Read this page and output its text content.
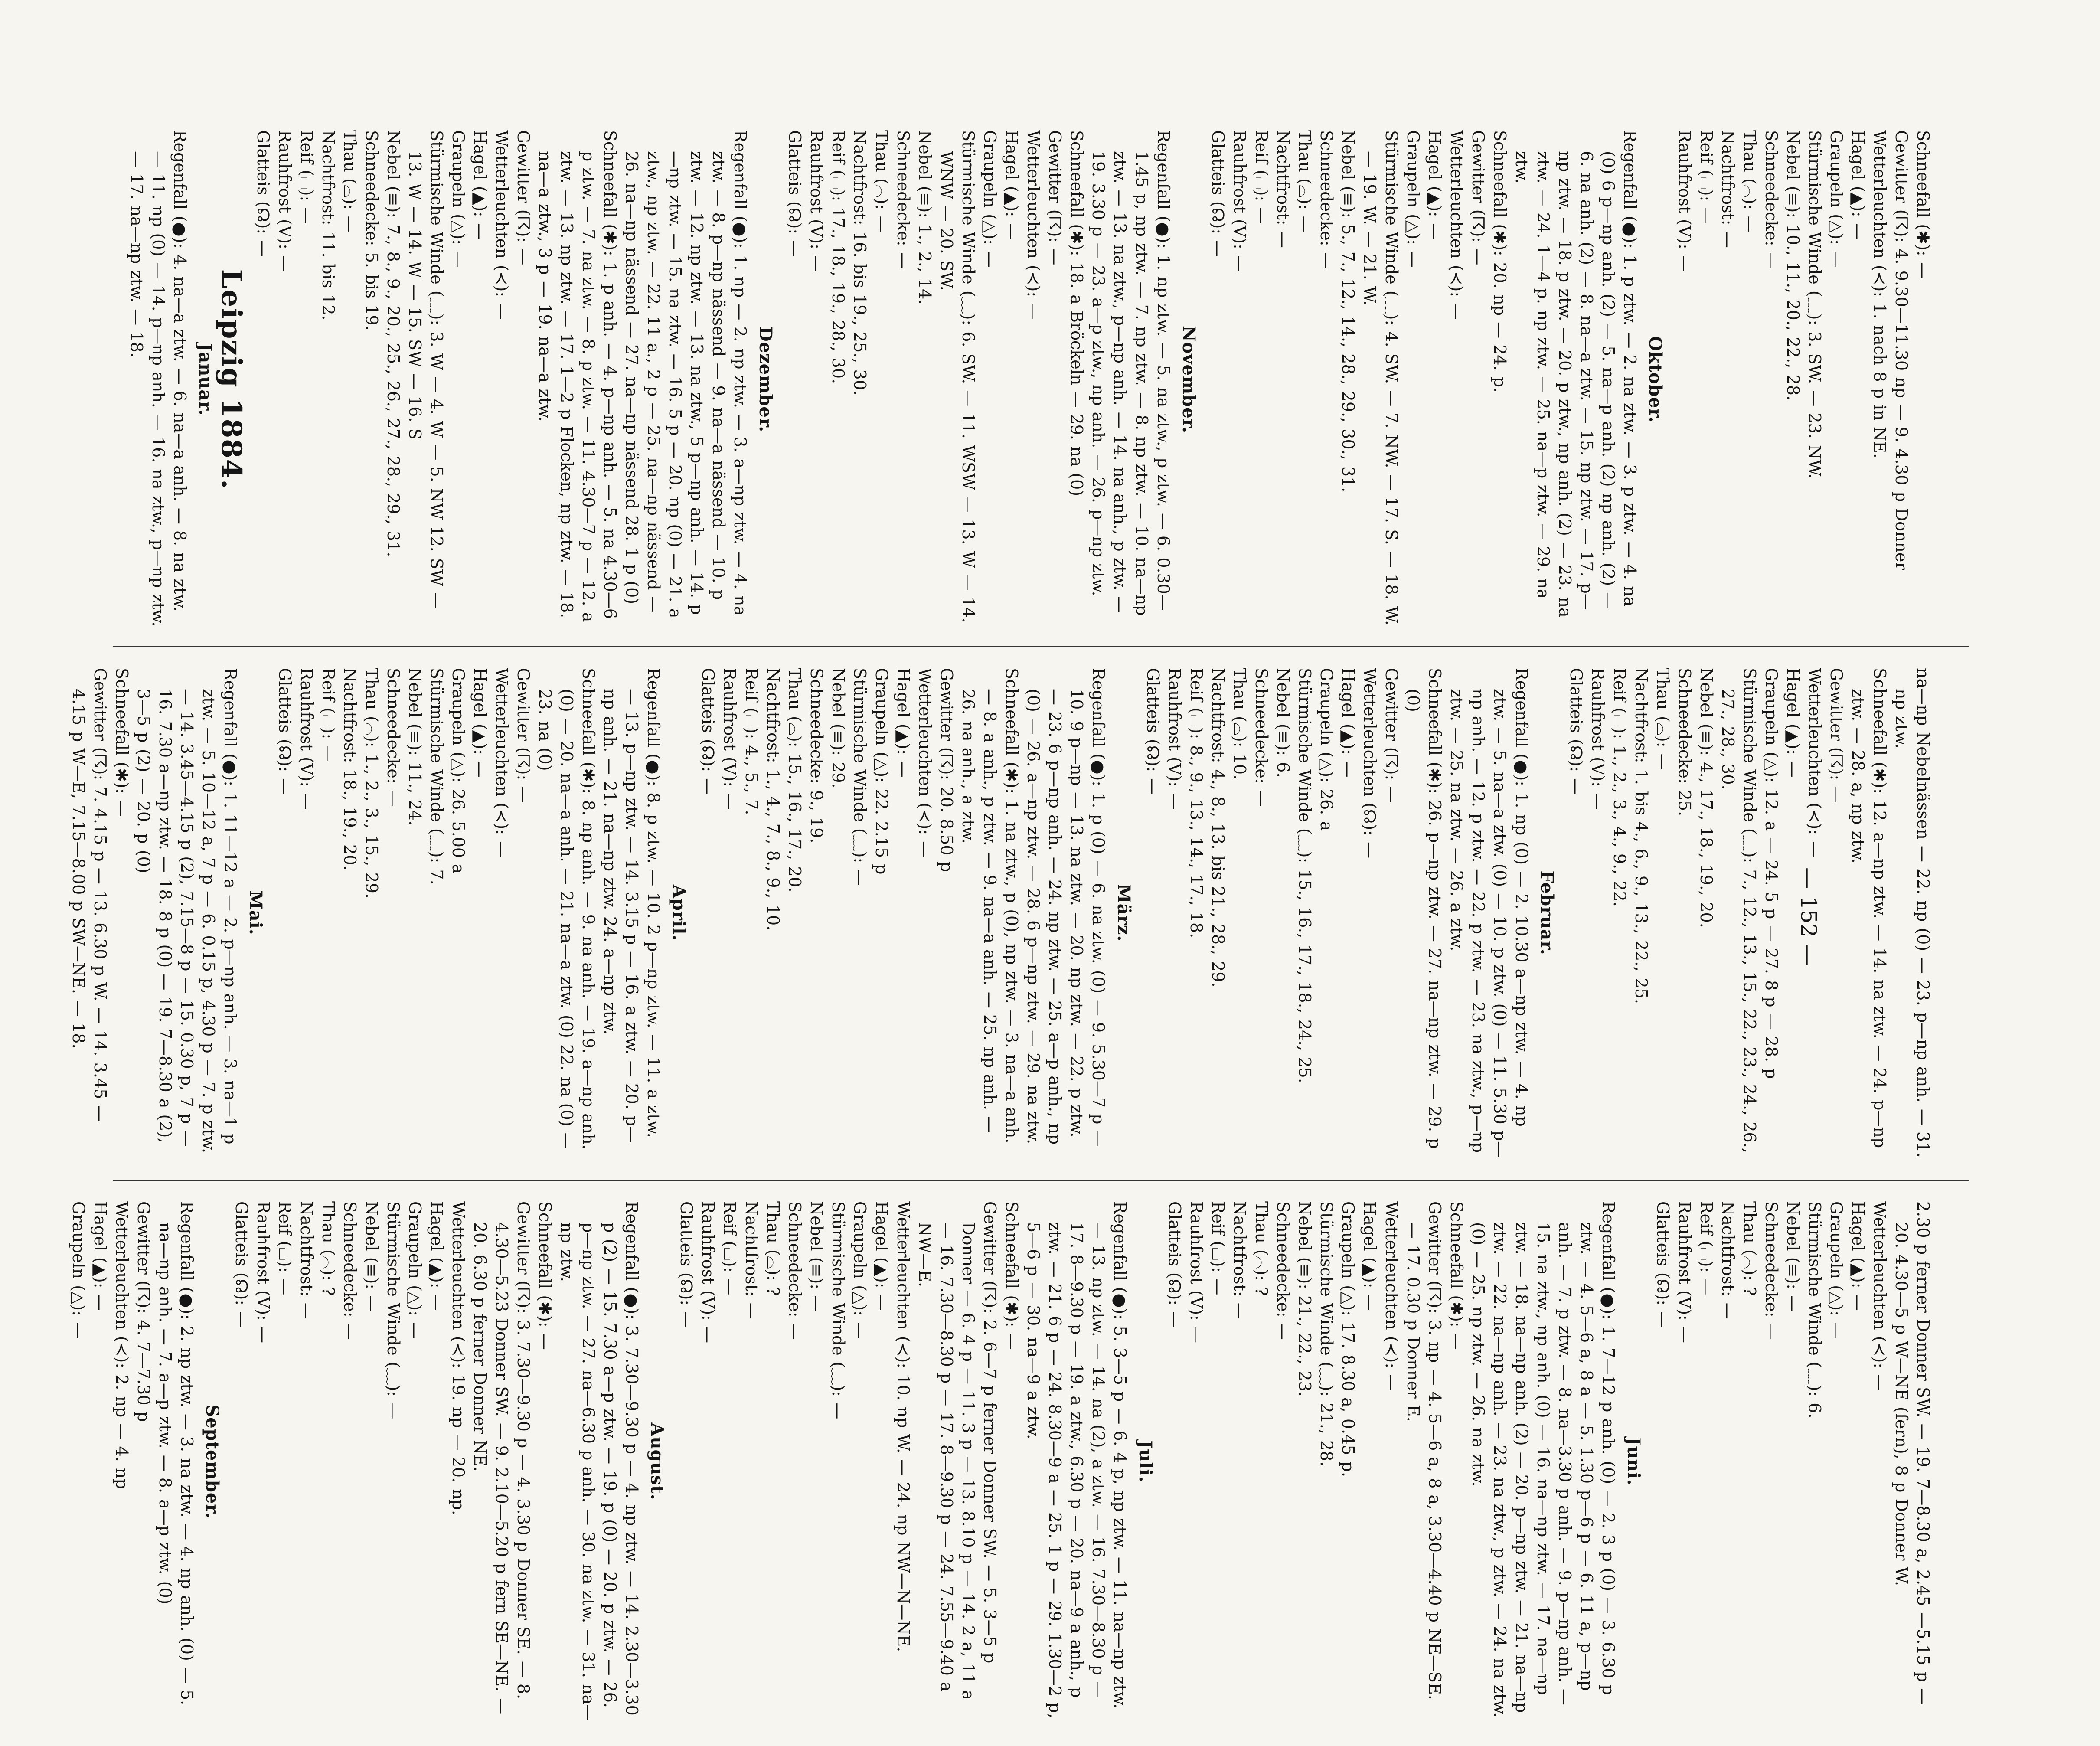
— 152 —
Schneefall (✱): —
Gewitter (☈): 4. 9.30—11.30 np — 9. 4.30 p Donner
Wetterleuchten (≺): 1. nach 8 p in NE.
Hagel (▲): —
Graupeln (△): —
Stürmische Winde (﹏): 3. SW. — 23. NW.
Nebel (≡): 10., 11., 20., 22., 28.
Schneedecke: —
Thau (⌓): —
Nachtfrost: —
Reif (⌴): —
Rauhfrost (V): —
Oktober.
Regenfall (●): 1. p ztw. — 2. na ztw. — 3. p ztw. — 4. na (0) 6 p—np anh. (2) — 5. na—p anh. (2) np anh. (2) — 6. na anh. (2) — 8. na—a ztw. — 15. np ztw. — 17. p—np ztw. — 18. p ztw. — 20. p ztw., np anh. (2) — 23. na ztw. — 24. 1—4 p. np ztw. — 25. na—p ztw. — 29. na ztw.
Schneefall (✱): 20. np — 24. p.
Gewitter (☈): —
Wetterleuchten (≺): —
Hagel (▲): —
Graupeln (△): —
Stürmische Winde (﹏): 4. SW. — 7. NW. — 17. S. — 18. W. — 19. W. — 21. W.
Nebel (≡): 5., 7., 12., 14., 28., 29., 30., 31.
Schneedecke: —
Thau (⌓): —
Nachtfrost: —
Reif (⌴): —
Rauhfrost (V): —
Glatteis (☊): —
November.
Regenfall (●): 1. np ztw. — 5. na ztw., p ztw. — 6. 0.30—1.45 p, np ztw. — 7. np ztw. — 8. np ztw. — 10. na—np ztw. — 13. na ztw., p—np anh. — 14. na anh., p ztw. — 19. 3.30 p — 23. a—p ztw., np anh. — 26. p—np ztw.
Schneefall (✱): 18. a Bröckeln — 29. na (0)
Gewitter (☈): —
Wetterleuchten (≺): —
Hagel (▲): —
Graupeln (△): —
Stürmische Winde (﹏): 6. SW. — 11. WSW — 13. W — 14. WNW — 20. SW.
Nebel (≡): 1., 2., 14.
Schneedecke: —
Thau (⌓): —
Nachtfrost: 16. bis 19., 25., 30.
Reif (⌴): 17., 18., 19., 28., 30.
Rauhfrost (V): —
Glatteis (☊): —
Dezember.
Regenfall (●): 1. np — 2. np ztw. — 3. a—np ztw. — 4. na ztw. — 8. p—np nässend — 9. na—a nässend — 10. p ztw. — 12. np ztw. — 13. na ztw., 5 p—np anh. — 14. p—np ztw. — 15. na ztw. — 16. 5 p — 20. np (0) — 21. a ztw., np ztw. — 22. 11 a., 2 p — 25. na—np nässend — 26. na—np nässend — 27. na—np nässend 28. 1 p (0)
Schneefall (✱): 1. p anh. — 4. p—np anh. — 5. na 4.30—6 p ztw. — 7. na ztw. — 8. p ztw. — 11. 4.30—7 p — 12. a ztw. — 13. np ztw. — 17. 1—2 p Flocken, np ztw. — 18. na—a ztw., 3 p — 19. na—a ztw.
Gewitter (☈): —
Wetterleuchten (≺): —
Hagel (▲): —
Graupeln (△): —
Stürmische Winde (﹏): 3. W — 4. W — 5. NW 12. SW — 13. W — 14. W — 15. SW — 16. S
Nebel (≡): 7., 8., 9., 20., 25., 26., 27., 28., 29., 31.
Schneedecke: 5. bis 19.
Thau (⌓): —
Nachtfrost: 11. bis 12.
Reif (⌴): —
Rauhfrost (V): —
Glatteis (☊): —
Leipzig 1884.
Januar.
Regenfall (●): 4. na—a ztw. — 6. na—a anh. — 8. na ztw. — 11. np (0) — 14. p—np anh. — 16. na ztw., p—np ztw. — 17. na—np ztw. — 18.
na—np Nebelnässen — 22. np (0) — 23. p—np anh. — 31. np ztw.
Schneefall (✱): 12. a—np ztw. — 14. na ztw. — 24. p—np ztw. — 28. a, np ztw.
Gewitter (☈): —
Wetterleuchten (≺): —
Hagel (▲): —
Graupeln (△): 12. a — 24. 5 p — 27. 8 p — 28. p
Stürmische Winde (﹏): 7., 12., 13., 15., 22., 23., 24., 26., 27., 28., 30.
Nebel (≡): 4., 17., 18., 19., 20.
Schneedecke: 25.
Thau (⌓): —
Nachtfrost: 1. bis 4., 6., 9., 13., 22., 25.
Reif (⌴): 1., 2., 3., 4., 9., 22.
Rauhfrost (V): —
Glatteis (☊): —
Februar.
Regenfall (●): 1. np (0) — 2. 10.30 a—np ztw. — 4. np ztw. — 5. na—a ztw. (0) — 10. p ztw. (0) — 11. 5.30 p—np anh. — 12. p ztw. — 22. p ztw. — 23. na ztw., p—np ztw. — 25. na ztw. — 26. a ztw.
Schneefall (✱): 26. p—np ztw. — 27. na—np ztw. — 29. p (0)
Gewitter (☈): —
Wetterleuchten (☊): —
Hagel (▲): —
Graupeln (△): 26. a
Stürmische Winde (﹏): 15., 16., 17., 18., 24., 25.
Nebel (≡): 6.
Schneedecke: —
Thau (⌓): 10.
Nachtfrost: 4., 8., 13. bis 21., 28., 29.
Reif (⌴): 8., 9., 13., 14., 17., 18.
Rauhfrost (V): —
Glatteis (☊): —
März.
Regenfall (●): 1. p (0) — 6. na ztw. (0) — 9. 5.30—7 p — 10. 9 p—np — 13. na ztw. — 20. np ztw. — 22. p ztw. — 23. 6 p—np anh. — 24. np ztw. — 25. a—p anh., np (0) — 26. a—np ztw. — 28. 6 p—np ztw. — 29. na ztw.
Schneefall (✱): 1. na ztw., p (0), np ztw. — 3. na—a anh. — 8. a anh., p ztw. — 9. na—a anh. — 25. np anh. — 26. na anh., a ztw.
Gewitter (☈): 20. 8.50 p
Wetterleuchten (≺): —
Hagel (▲): —
Graupeln (△): 22. 2.15 p
Stürmische Winde (﹏): —
Nebel (≡): 29.
Schneedecke: 9., 19.
Thau (⌓): 15., 16., 17., 20.
Nachtfrost: 1., 4., 7., 8., 9., 10.
Reif (⌴): 4., 5., 7.
Rauhfrost (V): —
Glatteis (☊): —
April.
Regenfall (●): 8. p ztw. — 10. 2 p—np ztw. — 11. a ztw. — 13. p—np ztw. — 14. 3.15 p — 16. a ztw. — 20. p—np anh. — 21. na—np ztw. 24. a—np ztw.
Schneefall (✱): 8. np anh. — 9. na anh. — 19. a—np anh. (0) — 20. na—a anh. — 21. na—a ztw. (0) 22. na (0) — 23. na (0)
Gewitter (☈): —
Wetterleuchten (≺): —
Hagel (▲): —
Graupeln (△): 26. 5.00 a
Stürmische Winde (﹏): 7.
Nebel (≡): 11., 24.
Schneedecke: —
Thau (⌓): 1., 2., 3., 15., 29.
Nachtfrost: 18., 19., 20.
Reif (⌴): —
Rauhfrost (V): —
Glatteis (☊): —
Mai.
Regenfall (●): 1. 11—12 a — 2. p—np anh. — 3. na—1 p ztw. — 5. 10—12 a, 7 p — 6. 0.15 p, 4.30 p — 7. p ztw. — 14. 3.45—4.15 p (2), 7.15—8 p — 15. 0.30 p, 7 p — 16. 7.30 a—np ztw. — 18. 8 p (0) — 19. 7—8.30 a (2), 3—5 p (2) — 20. p (0)
Schneefall (✱): —
Gewitter (☈): 7. 4.15 p — 13. 6.30 p W. — 14. 3.45 —4.15 p W—E, 7.15—8.00 p SW—NE. — 18.
2.30 p ferner Donner SW. — 19. 7—8.30 a, 2.45 —5.15 p — 20. 4.30—5 p W—NE (fern), 8 p Donner W.
Wetterleuchten (≺): —
Hagel (▲): —
Graupeln (△): —
Stürmische Winde (﹏): 6.
Nebel (≡): —
Schneedecke: —
Thau (⌓): ?
Nachtfrost: —
Reif (⌴): —
Rauhfrost (V): —
Glatteis (☊): —
Juni.
Regenfall (●): 1. 7—12 p anh. (0) — 2. 3 p (0) — 3. 6.30 p ztw. — 4. 5—6 a, 8 a — 5. 1.30 p—6 p — 6. 11 a, p—np anh. — 7. p ztw. — 8. na—3.30 p anh. — 9. p—np anh. — 15. na ztw., np anh. (0) — 16. na—np ztw. — 17. na—np ztw. — 18. na—np anh. (2) — 20. p—np ztw. — 21. na—np ztw. — 22. na—np anh. — 23. na ztw., p ztw. — 24. na ztw. (0) — 25. np ztw. — 26. na ztw.
Schneefall (✱): —
Gewitter (☈): 3. np — 4. 5—6 a, 8 a, 3.30—4.40 p NE—SE. — 17. 0.30 p Donner E.
Wetterleuchten (≺): —
Hagel (▲): —
Graupeln (△): 17. 8.30 a, 0.45 p.
Stürmische Winde (﹏): 21., 28.
Nebel (≡): 21., 22., 23.
Schneedecke: —
Thau (⌓): ?
Nachtfrost: —
Reif (⌴): —
Rauhfrost (V): —
Glatteis (☊): —
Juli.
Regenfall (●): 5. 3—5 p — 6. 4 p, np ztw. — 11. na—np ztw. — 13. np ztw. — 14. na (2), a ztw. — 16. 7.30—8.30 p — 17. 8—9.30 p — 19. a ztw., 6.30 p — 20. na—9 a anh., p ztw. — 21. 6 p — 24. 8.30—9 a — 25. 1 p — 29. 1.30—2 p, 5—6 p — 30. na—9 a ztw.
Schneefall (✱): —
Gewitter (☈): 2. 6—7 p ferner Donner SW. — 5. 3—5 p Donner — 6. 4 p — 11. 3 p — 13. 8.10 p — 14. 2 a, 11 a — 16. 7.30—8.30 p — 17. 8—9.30 p — 24. 7.55—9.40 a NW—E.
Wetterleuchten (≺): 10. np W. — 24. np NW—N—NE.
Hagel (▲): —
Graupeln (△): —
Stürmische Winde (﹏): —
Nebel (≡): —
Schneedecke: —
Thau (⌓): ?
Nachtfrost: —
Reif (⌴): —
Rauhfrost (V): —
Glatteis (☊): —
August.
Regenfall (●): 3. 7.30—9.30 p — 4. np ztw. — 14. 2.30—3.30 p (2) — 15. 7.30 a—p ztw. — 19. p (0) — 20. p ztw. — 26. p—np ztw. — 27. na—6.30 p anh. — 30. na ztw. — 31. na—np ztw.
Schneefall (✱): —
Gewitter (☈): 3. 7.30—9.30 p — 4. 3.30 p Donner SE. — 8. 4.30—5.23 Donner SW. — 9. 2.10—5.20 p fern SE—NE. — 20. 6.30 p ferner Donner NE.
Wetterleuchten (≺): 19. np — 20. np.
Hagel (▲): —
Graupeln (△): —
Stürmische Winde (﹏): —
Nebel (≡): —
Schneedecke: —
Thau (⌓): ?
Nachtfrost: —
Reif (⌴): —
Rauhfrost (V): —
Glatteis (☊): —
September.
Regenfall (●): 2. np ztw. — 3. na ztw. — 4. np anh. (0) — 5. na—np anh. — 7. a—p ztw. — 8. a—p ztw. (0)
Gewitter (☈): 4. 7—7.30 p
Wetterleuchten (≺): 2. np — 4. np
Hagel (▲): —
Graupeln (△): —
